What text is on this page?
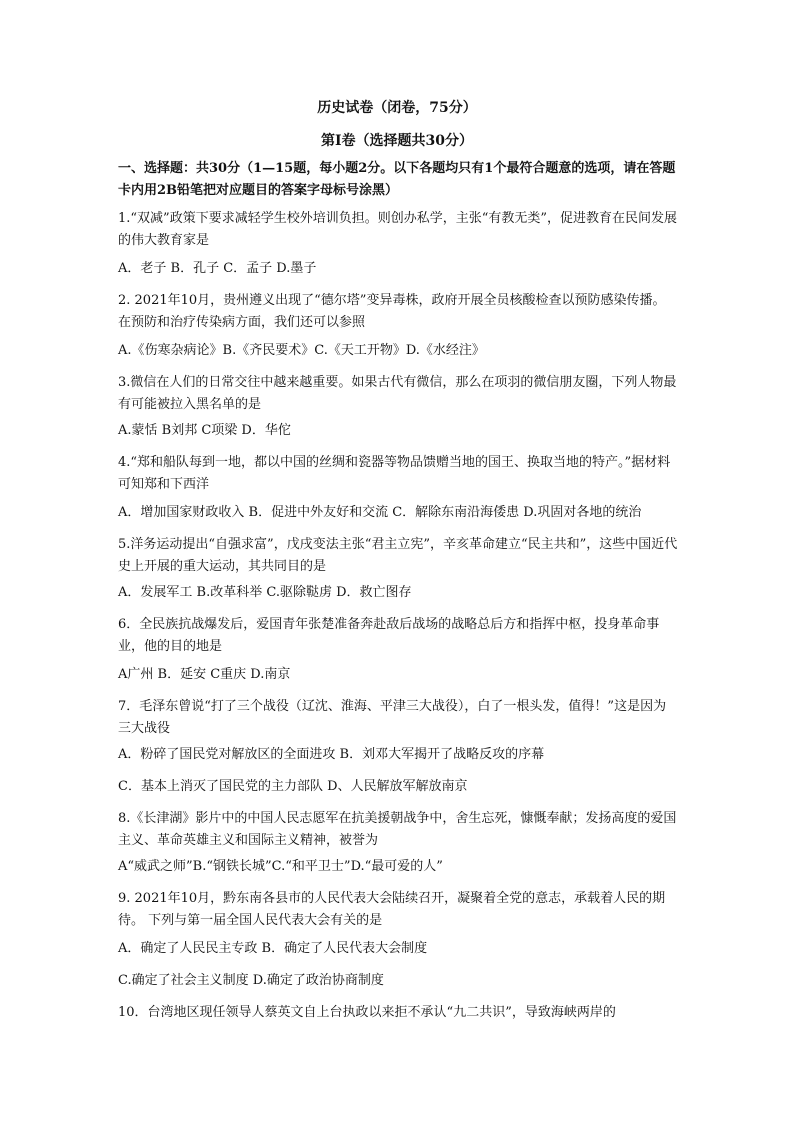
历史试卷（闭卷，75分）
第Ⅰ卷（选择题共30分）

一、选择题：共30分（1—15题，每小题2分。以下各题均只有1个最符合题意的选项，请在答题卡内用2B铅笔把对应题目的答案字母标号涂黑）

1.“双减”政策下要求减轻学生校外培训负担。则创办私学，主张“有教无类”，促进教育在民间发展的伟大教育家是

A．老子 B．孔子 C．孟子 D.墨子

2. 2021年10月，贵州遵义出现了“德尔塔”变异毒株，政府开展全员核酸检查以预防感染传播。 在预防和治疗传染病方面，我们还可以参照

A.《伤寒杂病论》B.《齐民要术》C.《天工开物》D.《水经注》

3.微信在人们的日常交往中越来越重要。如果古代有微信，那么在项羽的微信朋友圈，下列人物最有可能被拉入黑名单的是

A.蒙恬 B刘邦 C项梁 D．华佗

4.“郑和船队每到一地，都以中国的丝绸和瓷器等物品馈赠当地的国王、换取当地的特产。”据材料可知郑和下西洋

A．增加国家财政收入 B．促进中外友好和交流 C．解除东南沿海倭患 D.巩固对各地的统治

5.洋务运动提出“自强求富”，戊戌变法主张“君主立宪”，辛亥革命建立“民主共和”，这些中国近代史上开展的重大运动，其共同目的是

A．发展军工 B.改革科举 C.驱除鞑虏 D．救亡图存

6．全民族抗战爆发后，爱国青年张楚准备奔赴敌后战场的战略总后方和指挥中枢，投身革命事业，他的目的地是

A广州 B．延安 C重庆 D.南京

7．毛泽东曾说“打了三个战役（辽沈、淮海、平津三大战役），白了一根头发，值得！”这是因为三大战役

A．粉碎了国民党对解放区的全面进攻 B．刘邓大军揭开了战略反攻的序幕

C．基本上消灭了国民党的主力部队 D、人民解放军解放南京

8.《长津湖》影片中的中国人民志愿军在抗美援朝战争中，舍生忘死，慷慨奉献；发扬高度的爱国主义、革命英雄主义和国际主义精神，被誉为

A“威武之师”B.“钢铁长城”C.“和平卫士”D.“最可爱的人”

9. 2021年10月，黔东南各县市的人民代表大会陆续召开，凝聚着全党的意志，承载着人民的期待。 下列与第一届全国人民代表大会有关的是

A．确定了人民民主专政 B．确定了人民代表大会制度

C.确定了社会主义制度 D.确定了政治协商制度

10．台湾地区现任领导人蔡英文自上台执政以来拒不承认“九二共识”，导致海峡两岸的
